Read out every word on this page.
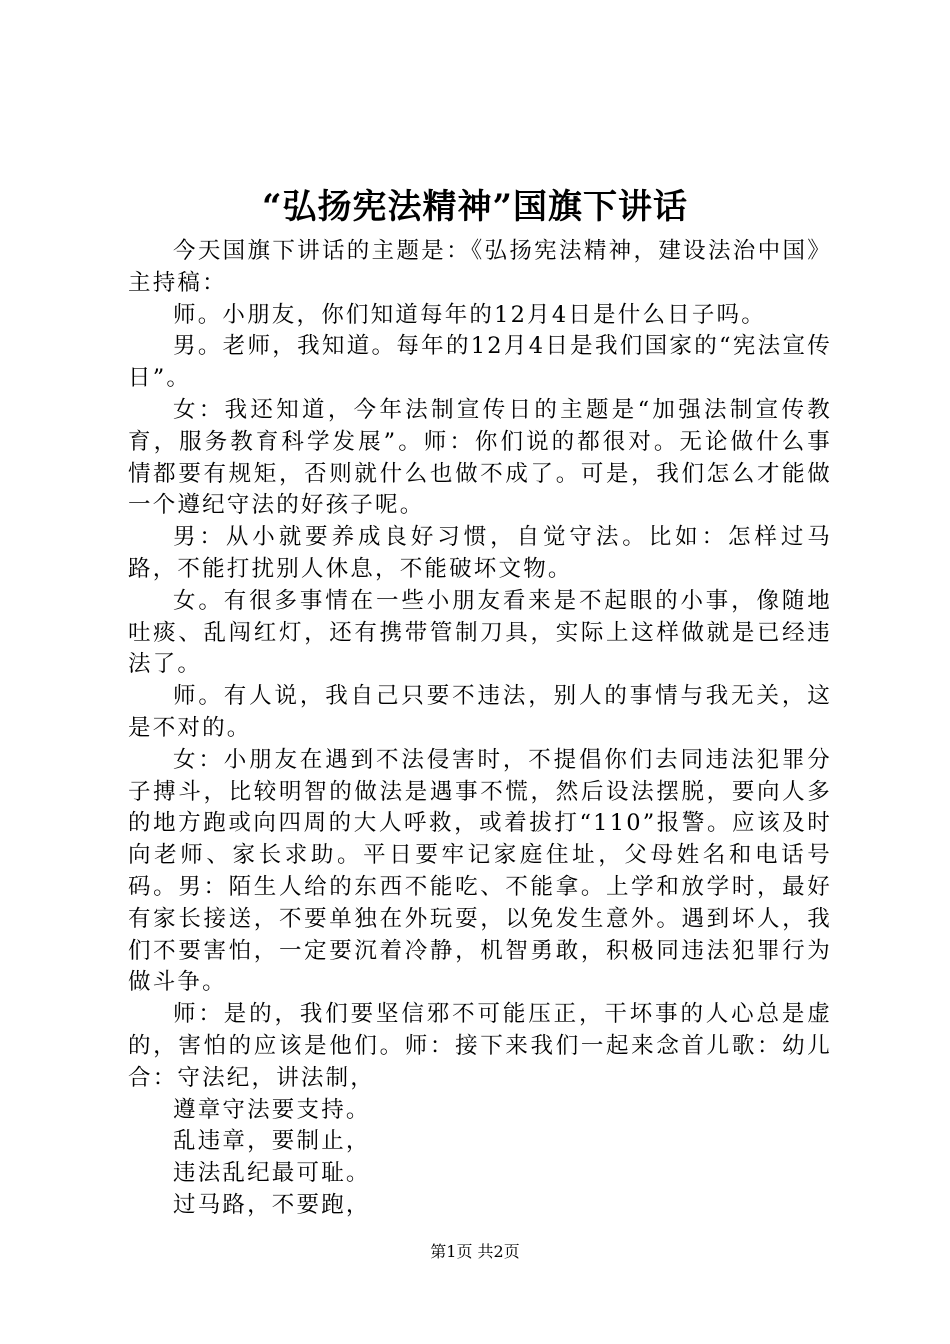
“弘扬宪法精神”国旗下讲话

今天国旗下讲话的主题是：《弘扬宪法精神，建设法治中国》主持稿：

师。小朋友，你们知道每年的12月4日是什么日子吗。

男。老师，我知道。每年的12月4日是我们国家的“宪法宣传日”。

女：我还知道，今年法制宣传日的主题是“加强法制宣传教育，服务教育科学发展”。师：你们说的都很对。无论做什么事情都要有规矩，否则就什么也做不成了。可是，我们怎么才能做一个遵纪守法的好孩子呢。

男：从小就要养成良好习惯，自觉守法。比如：怎样过马路，不能打扰别人休息，不能破坏文物。

女。有很多事情在一些小朋友看来是不起眼的小事，像随地吐痰、乱闯红灯，还有携带管制刀具，实际上这样做就是已经违法了。

师。有人说，我自己只要不违法，别人的事情与我无关，这是不对的。

女：小朋友在遇到不法侵害时，不提倡你们去同违法犯罪分子搏斗，比较明智的做法是遇事不慌，然后设法摆脱，要向人多的地方跑或向四周的大人呼救，或着拔打“110”报警。应该及时向老师、家长求助。平日要牢记家庭住址，父母姓名和电话号码。男：陌生人给的东西不能吃、不能拿。上学和放学时，最好有家长接送，不要单独在外玩耍，以免发生意外。遇到坏人，我们不要害怕，一定要沉着冷静，机智勇敢，积极同违法犯罪行为做斗争。

师：是的，我们要坚信邪不可能压正，干坏事的人心总是虚的，害怕的应该是他们。师：接下来我们一起来念首儿歌：幼儿合：守法纪，讲法制，

遵章守法要支持。

乱违章，要制止，

违法乱纪最可耻。

过马路，不要跑，

第1页 共2页
